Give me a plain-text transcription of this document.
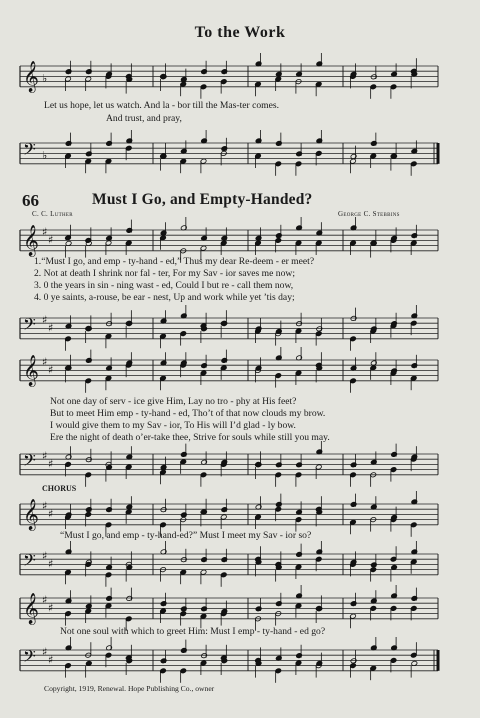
To the Work
𝄞 ♭
Let us hope, let us watch. And la - bor till the Mas-ter comes.
And trust, and pray,
𝄢 ♭
66	Must I Go, and Empty-Handed?
C. C. Luther	George C. Stebbins
𝄞 ♯
♯
1.“Must I go, and emp - ty-hand - ed,” Thus my dear Re-deem - er meet?
2. Not at death I shrink nor fal - ter, For my Sav - ior saves me now;
3. 0 the years in sin - ning wast - ed, Could I but re - call them now,
4. 0 ye saints, a-rouse, be ear - nest, Up and work while yet ’tis day;
𝄢 ♯
♯
𝄞 ♯
♯
Not one day of serv - ice give Him, Lay no tro - phy at His feet?
But to meet Him emp - ty-hand - ed, Tho’t of that now clouds my brow.
I would give them to my Sav - ior, To His will I’d glad - ly bow.
Ere the night of death o’er-take thee, Strive for souls while still you may.
𝄢 ♯
♯
CHORUS
𝄞 ♯
♯
“Must I go, and emp - ty-hand-ed?” Must I meet my Sav - ior so?
𝄢 ♯
♯
𝄞 ♯
♯
Not one soul with which to greet Him: Must I emp - ty-hand - ed go?
𝄢 ♯
♯
Copyright, 1919, Renewal. Hope Publishing Co., owner
